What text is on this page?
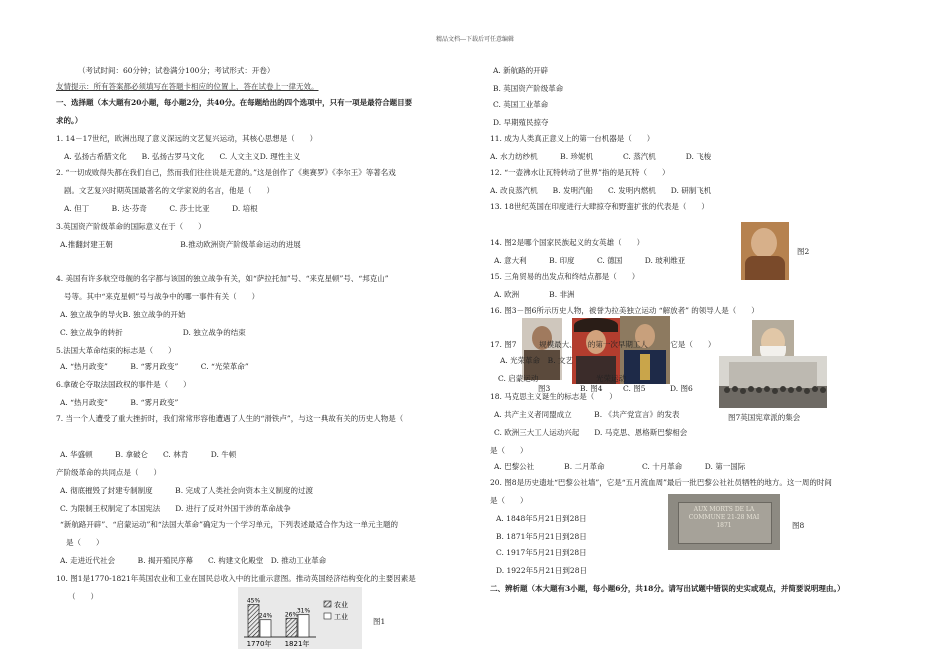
精品文档---下载后可任意编辑
（考试时间：60分钟；试卷满分100分；考试形式：开卷）
友情提示：所有答案都必须填写在答题卡相应的位置上，答在试卷上一律无效。
一、选择题（本大题有20小题，每小题2分，共40分。在每题给出的四个选项中，只有一项是最符合题目要
求的。）
1. 14－17世纪，欧洲出现了意义深远的文艺复兴运动，其核心思想是（　　）
A. 弘扬古希腊文化　　B. 弘扬古罗马文化　　C. 人文主义D. 理性主义
2. “一切成败得失都在我们自己，然而我们往往说是无意的。”这是创作了《奥赛罗》《李尔王》等著名戏
剧。文艺复兴时期英国最著名的文学家说的名言，他是（　　）
A. 但丁　　　B. 达·芬奇　　　C. 莎士比亚　　　D. 培根
3.英国资产阶级革命的国际意义在于（　　）
A.推翻封建王朝　　　　　　　　　B.推动欧洲资产阶级革命运动的进展
4. 美国有许多航空母舰的名字都与该国的独立战争有关，如“萨拉托加”号、“来克星顿”号、“邦克山”
号等。其中“来克星顿”号与战争中的哪一事件有关（　　）
A. 独立战争的导火B. 独立战争的开始
C. 独立战争的转折　　　　　　　　D. 独立战争的结束
5.法国大革命结束的标志是（　　）
A. “热月政变”　　　B. “雾月政变”　　　C. “光荣革命”
6.拿破仑夺取法国政权的事件是（　　）
A. “热月政变”　　　B. “雾月政变”
7. 当一个人遭受了重大挫折时，我们常常形容他遭遇了人生的“滑铁卢”，与这一典故有关的历史人物是（
A. 华盛顿　　　B. 拿破仑　　C. 林肯　　　D. 牛顿
产阶级革命的共同点是（　　）
A. 彻底摧毁了封建专制制度　　　B. 完成了人类社会向资本主义制度的过渡
C. 为限制王权制定了本国宪法　　D. 进行了反对外国干涉的革命战争
“新航路开辟”、“启蒙运动”和“法国大革命”确定为一个学习单元，下列表述最适合作为这一单元主题的
是（　　）
A. 走进近代社会　　　B. 揭开殖民序幕　　C. 构建文化殿堂　D. 推动工业革命
10. 图1是1770-1821年英国农业和工业在国民总收入中的比重示意图。推动英国经济结构变化的主要因素是
（　　）
45%
24%
1770年
26%
31%
1821年
农业
工业	图1
A. 新航路的开辟
B. 英国资产阶级革命
C. 英国工业革命
D. 早期殖民掠夺
11. 成为人类真正意义上的第一台机器是（　　）
A. 水力纺纱机　　　B. 珍妮机　　　　C. 蒸汽机　　　　D. 飞梭
12. “一壶沸水让瓦特转动了世界”指的是瓦特（　　）
A. 改良蒸汽机　　B. 发明汽船　　C. 发明内燃机　　D. 研制飞机
13. 18世纪英国在印度进行大肆掠夺和野蛮扩张的代表是（　　）
图2
14. 图2是哪个国家民族起义的女英雄（　　）
A. 意大利　　　B. 印度　　　C. 德国　　　D. 玻利维亚
15. 三角贸易的出发点和终结点都是（　　）
A. 欧洲　　　　B. 非洲
16. 图3－图6所示历史人物，被誉为拉美独立运动 “解放者” 的领导人是（　　）
17. 图7　　　规模最大、　　的第一次早期工人　　　它是（　　）
A. 光荣革命　B. 文艺
C. 启蒙运动	光荣运动
图3	B. 图4	C. 图5	D. 图6
图7英国宪章派的集会
18. 马克思主义诞生的标志是（　　）
A. 共产主义者同盟成立　　　B. 《共产党宣言》的发表
C. 欧洲三大工人运动兴起　　D. 马克思、恩格斯巴黎相会
是（　　）
A. 巴黎公社　　　　B. 二月革命　　　　　C. 十月革命　　　D. 第一国际
20. 图8是历史遗址“巴黎公社墙”，它是“五月流血周”最后一批巴黎公社社员牺牲的地方。这一周的时间
是（　　）
A. 1848年5月21日到28日
B. 1871年5月21日到28日
C. 1917年5月21日到28日
D. 1922年5月21日到28日
AUX MORTS DE LA COMMUNE 21-28 MAI 1871	图8
二、辨析题（本大题有3小题，每小题6分，共18分。请写出试题中错误的史实或观点，并简要说明理由。）
